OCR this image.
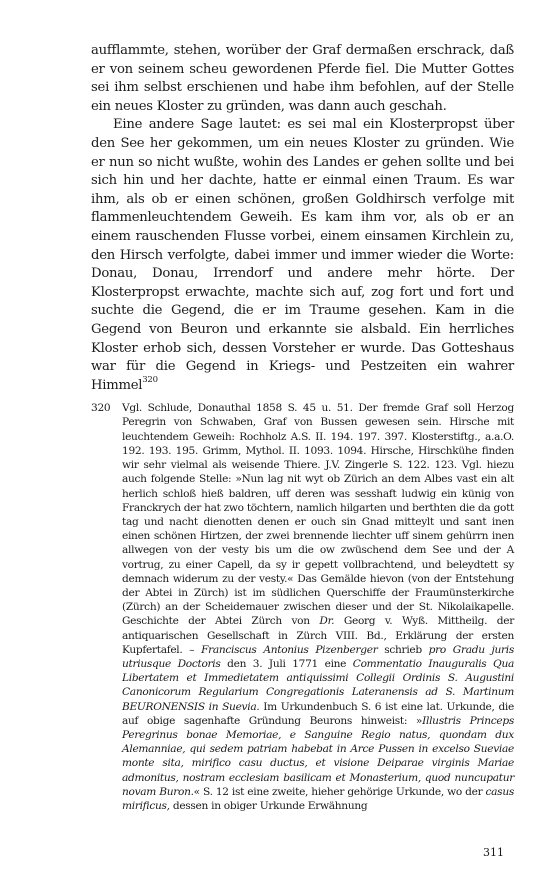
aufflammte, stehen, worüber der Graf dermaßen erschrack, daß er von seinem scheu gewordenen Pferde fiel. Die Mutter Gottes sei ihm selbst erschienen und habe ihm befohlen, auf der Stelle ein neues Kloster zu gründen, was dann auch geschah.

Eine andere Sage lautet: es sei mal ein Klosterpropst über den See her gekommen, um ein neues Kloster zu gründen. Wie er nun so nicht wußte, wohin des Landes er gehen sollte und bei sich hin und her dachte, hatte er einmal einen Traum. Es war ihm, als ob er einen schönen, großen Goldhirsch verfolge mit flammenleuchtendem Geweih. Es kam ihm vor, als ob er an einem rauschenden Flusse vorbei, einem einsamen Kirchlein zu, den Hirsch verfolgte, dabei immer und immer wieder die Worte: Donau, Donau, Irrendorf und andere mehr hörte. Der Klosterpropst erwachte, machte sich auf, zog fort und fort und suchte die Gegend, die er im Traume gesehen. Kam in die Gegend von Beuron und erkannte sie alsbald. Ein herrliches Kloster erhob sich, dessen Vorsteher er wurde. Das Gotteshaus war für die Gegend in Kriegs- und Pestzeiten ein wahrer Himmel$^{320}$

320 Vgl. Schlude, Donauthal 1858 S. 45 u. 51. Der fremde Graf soll Herzog Peregrin von Schwaben, Graf von Bussen gewesen sein. Hirsche mit leuchtendem Geweih: Rochholz A.S. II. 194. 197. 397. Klosterstiftg., a.a.O. 192. 193. 195. Grimm, Mythol. II. 1093. 1094. Hirsche, Hirschkühe finden wir sehr vielmal als weisende Thiere. J.V. Zingerle S. 122. 123. Vgl. hiezu auch folgende Stelle: »Nun lag nit wyt ob Zürich an dem Albes vast ein alt herlich schloß hieß baldren, uff deren was sesshaft ludwig ein künig von Franckrych der hat zwo töchtern, namlich hilgarten und berthten die da gott tag und nacht dienotten denen er ouch sin Gnad mitteylt und sant inen einen schönen Hirtzen, der zwei brennende liechter uff sinem gehürrn inen allwegen von der vesty bis um die ow zwüschend dem See und der A vortrug, zu einer Capell, da sy ir gepett vollbrachtend, und beleydtett sy demnach widerum zu der vesty.« Das Gemälde hievon (von der Entstehung der Abtei in Zürch) ist im südlichen Querschiffe der Fraumünsterkirche (Zürch) an der Scheidemauer zwischen dieser und der St. Nikolaikapelle. Geschichte der Abtei Zürch von Dr. Georg v. Wyß. Mittheilg. der antiquarischen Gesellschaft in Zürch VIII. Bd., Erklärung der ersten Kupfertafel. – Franciscus Antonius Pizenberger schrieb pro Gradu juris utriusque Doctoris den 3. Juli 1771 eine Commentatio Inauguralis Qua Libertatem et Immedietatem antiquissimi Collegii Ordinis S. Augustini Canonicorum Regularium Congregationis Lateranensis ad S. Martinum BEURONENSIS in Suevia. Im Urkundenbuch S. 6 ist eine lat. Urkunde, die auf obige sagenhafte Gründung Beurons hinweist: »Illustris Princeps Peregrinus bonae Memoriae, e Sanguine Regio natus, quondam dux Alemanniae, qui sedem patriam habebat in Arce Pussen in excelso Sueviae monte sita, mirifico casu ductus, et visione Deiparae virginis Mariae admonitus, nostram ecclesiam basilicam et Monasterium, quod nuncupatur novam Buron.« S. 12 ist eine zweite, hieher gehörige Urkunde, wo der casus mirificus, dessen in obiger Urkunde Erwähnung
311
